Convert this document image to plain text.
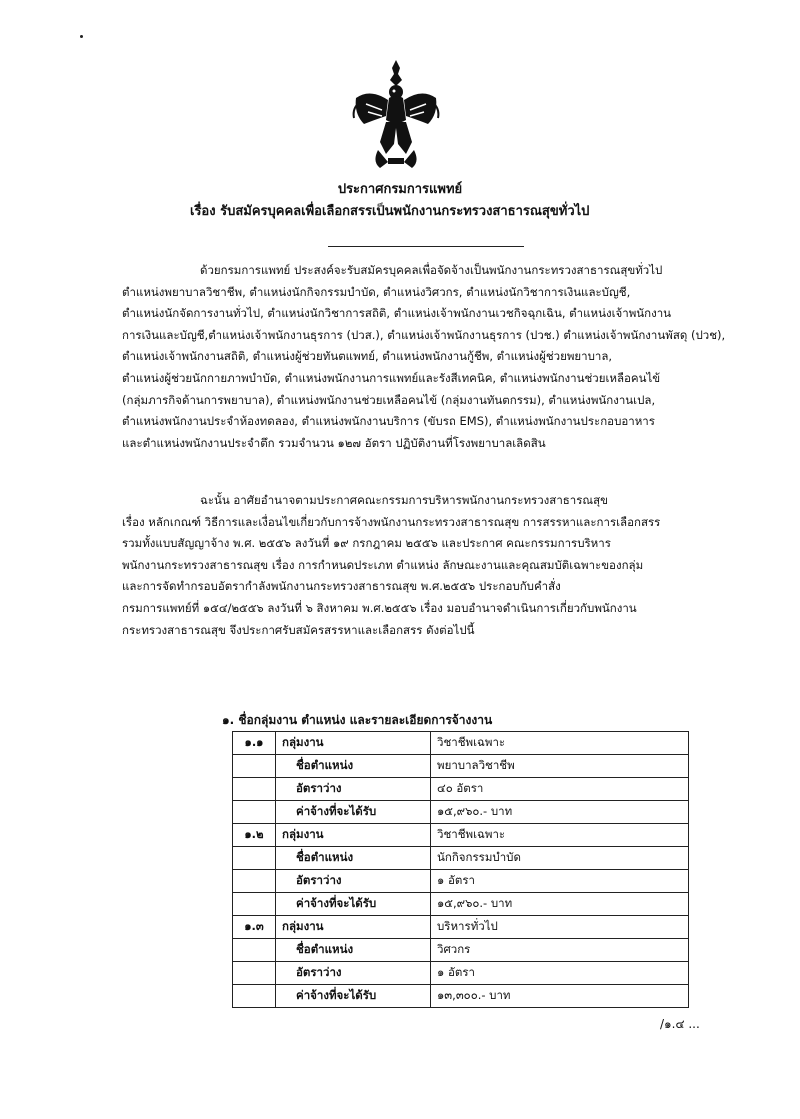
ประกาศกรมการแพทย์
เรื่อง รับสมัครบุคคลเพื่อเลือกสรรเป็นพนักงานกระทรวงสาธารณสุขทั่วไป
ด้วยกรมการแพทย์ ประสงค์จะรับสมัครบุคคลเพื่อจัดจ้างเป็นพนักงานกระทรวงสาธารณสุขทั่วไป
ตำแหน่งพยาบาลวิชาชีพ, ตำแหน่งนักกิจกรรมบำบัด, ตำแหน่งวิศวกร, ตำแหน่งนักวิชาการเงินและบัญชี,
ตำแหน่งนักจัดการงานทั่วไป, ตำแหน่งนักวิชาการสถิติ, ตำแหน่งเจ้าพนักงานเวชกิจฉุกเฉิน, ตำแหน่งเจ้าพนักงาน
การเงินและบัญชี,ตำแหน่งเจ้าพนักงานธุรการ (ปวส.), ตำแหน่งเจ้าพนักงานธุรการ (ปวช.) ตำแหน่งเจ้าพนักงานพัสดุ (ปวช),
ตำแหน่งเจ้าพนักงานสถิติ, ตำแหน่งผู้ช่วยทันตแพทย์, ตำแหน่งพนักงานกู้ชีพ, ตำแหน่งผู้ช่วยพยาบาล,
ตำแหน่งผู้ช่วยนักกายภาพบำบัด, ตำแหน่งพนักงานการแพทย์และรังสีเทคนิค, ตำแหน่งพนักงานช่วยเหลือคนไข้
(กลุ่มภารกิจด้านการพยาบาล), ตำแหน่งพนักงานช่วยเหลือคนไข้ (กลุ่มงานทันตกรรม), ตำแหน่งพนักงานเปล,
ตำแหน่งพนักงานประจำห้องทดลอง, ตำแหน่งพนักงานบริการ (ขับรถ EMS), ตำแหน่งพนักงานประกอบอาหาร
และตำแหน่งพนักงานประจำตึก รวมจำนวน ๑๒๗ อัตรา ปฏิบัติงานที่โรงพยาบาลเลิดสิน
ฉะนั้น อาศัยอำนาจตามประกาศคณะกรรมการบริหารพนักงานกระทรวงสาธารณสุข
เรื่อง หลักเกณฑ์ วิธีการและเงื่อนไขเกี่ยวกับการจ้างพนักงานกระทรวงสาธารณสุข การสรรหาและการเลือกสรร
รวมทั้งแบบสัญญาจ้าง พ.ศ. ๒๕๕๖ ลงวันที่ ๑๙ กรกฎาคม ๒๕๕๖ และประกาศ คณะกรรมการบริหาร
พนักงานกระทรวงสาธารณสุข เรื่อง การกำหนดประเภท ตำแหน่ง ลักษณะงานและคุณสมบัติเฉพาะของกลุ่ม
และการจัดทำกรอบอัตรากำลังพนักงานกระทรวงสาธารณสุข พ.ศ.๒๕๕๖ ประกอบกับคำสั่ง
กรมการแพทย์ที่ ๑๕๔/๒๕๕๖ ลงวันที่ ๖ สิงหาคม พ.ศ.๒๕๕๖ เรื่อง มอบอำนาจดำเนินการเกี่ยวกับพนักงาน
กระทรวงสาธารณสุข จึงประกาศรับสมัครสรรหาและเลือกสรร ดังต่อไปนี้
๑. ชื่อกลุ่มงาน ตำแหน่ง และรายละเอียดการจ้างงาน
๑.๑	กลุ่มงาน	วิชาชีพเฉพาะ
	ชื่อตำแหน่ง	พยาบาลวิชาชีพ
	อัตราว่าง	๔๐ อัตรา
	ค่าจ้างที่จะได้รับ	๑๕,๙๖๐.- บาท
๑.๒	กลุ่มงาน	วิชาชีพเฉพาะ
	ชื่อตำแหน่ง	นักกิจกรรมบำบัด
	อัตราว่าง	๑ อัตรา
	ค่าจ้างที่จะได้รับ	๑๕,๙๖๐.- บาท
๑.๓	กลุ่มงาน	บริหารทั่วไป
	ชื่อตำแหน่ง	วิศวกร
	อัตราว่าง	๑ อัตรา
	ค่าจ้างที่จะได้รับ	๑๓,๓๐๐.- บาท
/๑.๔ ...
